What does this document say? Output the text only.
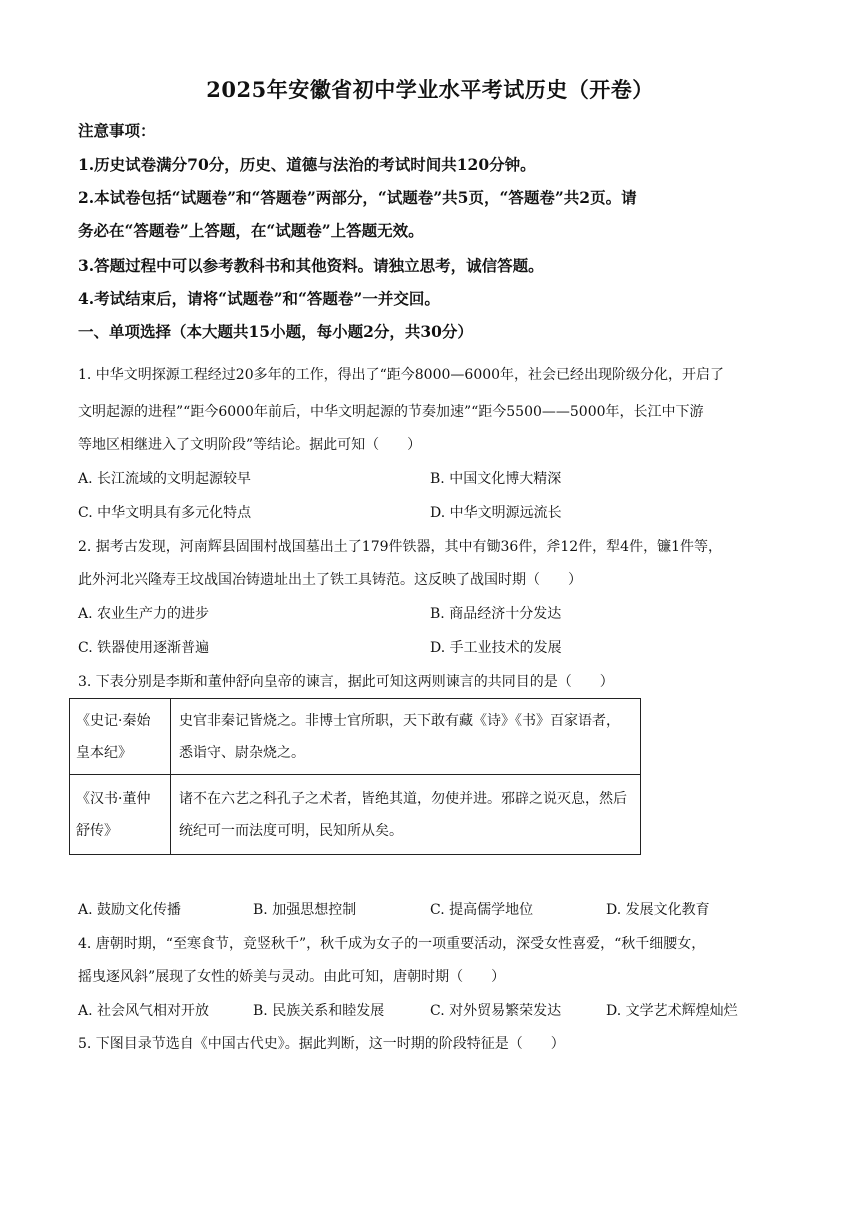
2025年安徽省初中学业水平考试历史（开卷）
注意事项：
1.历史试卷满分70分，历史、道德与法治的考试时间共120分钟。
2.本试卷包括“试题卷”和“答题卷”两部分，“试题卷”共5页，“答题卷”共2页。请
务必在“答题卷”上答题，在“试题卷”上答题无效。
3.答题过程中可以参考教科书和其他资料。请独立思考，诚信答题。
4.考试结束后，请将“试题卷”和“答题卷”一并交回。
一、单项选择（本大题共15小题，每小题2分，共30分）
1. 中华文明探源工程经过20多年的工作，得出了“距今8000—6000年，社会已经出现阶级分化，开启了
文明起源的进程”“距今6000年前后，中华文明起源的节奏加速”“距今5500——5000年，长江中下游
等地区相继进入了文明阶段”等结论。据此可知（　　）
A. 长江流域的文明起源较早	B. 中国文化博大精深
C. 中华文明具有多元化特点	D. 中华文明源远流长
2. 据考古发现，河南辉县固围村战国墓出土了179件铁器，其中有锄36件，斧12件，犁4件，镰1件等，
此外河北兴隆寿王坟战国冶铸遗址出土了铁工具铸范。这反映了战国时期（　　）
A. 农业生产力的进步	B. 商品经济十分发达
C. 铁器使用逐渐普遍	D. 手工业技术的发展
3. 下表分别是李斯和董仲舒向皇帝的谏言，据此可知这两则谏言的共同目的是（　　）
《史记·秦始皇本纪》	史官非秦记皆烧之。非博士官所职，天下敢有藏《诗》《书》百家语者，悉诣守、尉杂烧之。
《汉书·董仲舒传》	诸不在六艺之科孔子之术者，皆绝其道，勿使并进。邪辟之说灭息，然后统纪可一而法度可明，民知所从矣。
A. 鼓励文化传播	B. 加强思想控制	C. 提高儒学地位	D. 发展文化教育
4. 唐朝时期，“至寒食节，竞竖秋千”，秋千成为女子的一项重要活动，深受女性喜爱，“秋千细腰女，
摇曳逐风斜”展现了女性的娇美与灵动。由此可知，唐朝时期（　　）
A. 社会风气相对开放	B. 民族关系和睦发展	C. 对外贸易繁荣发达	D. 文学艺术辉煌灿烂
5. 下图目录节选自《中国古代史》。据此判断，这一时期的阶段特征是（　　）
